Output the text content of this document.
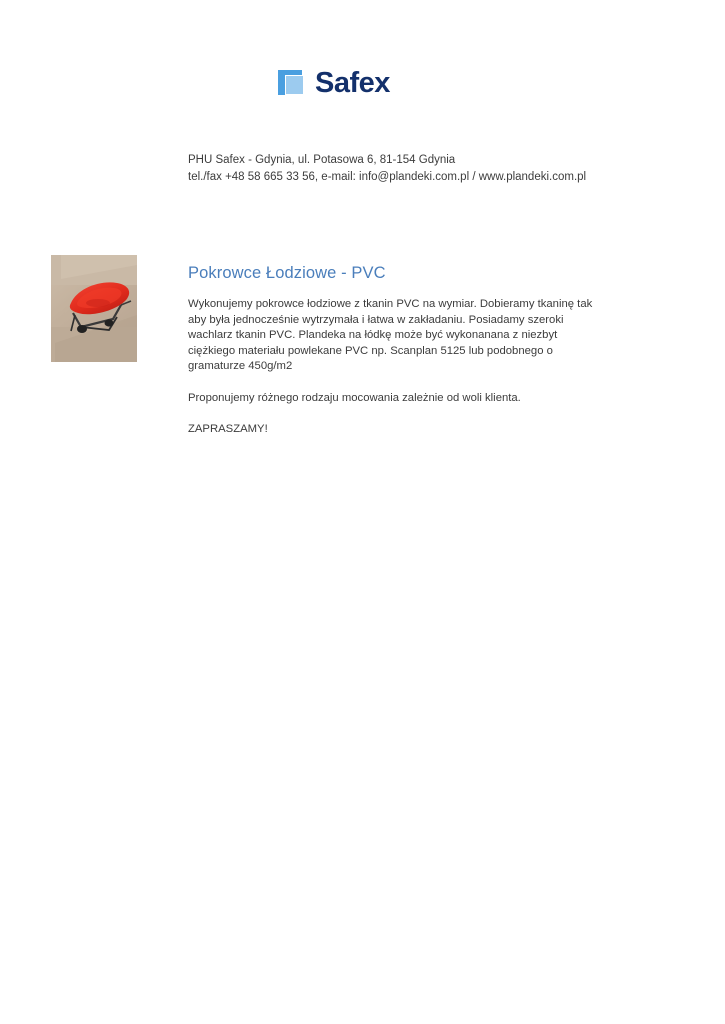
Safex
PHU Safex - Gdynia, ul. Potasowa 6, 81-154 Gdynia
tel./fax +48 58 665 33 56, e-mail: info@plandeki.com.pl / www.plandeki.com.pl
Pokrowce Łodziowe - PVC

Wykonujemy pokrowce łodziowe z tkanin PVC na wymiar. Dobieramy tkaninę tak aby była jednocześnie wytrzymała i łatwa w zakładaniu. Posiadamy szeroki wachlarz tkanin PVC. Plandeka na łódkę może być wykonanana z niezbyt ciężkiego materiału powlekane PVC np. Scanplan 5125 lub podobnego o gramaturze 450g/m2

Proponujemy różnego rodzaju mocowania zależnie od woli klienta.

ZAPRASZAMY!
